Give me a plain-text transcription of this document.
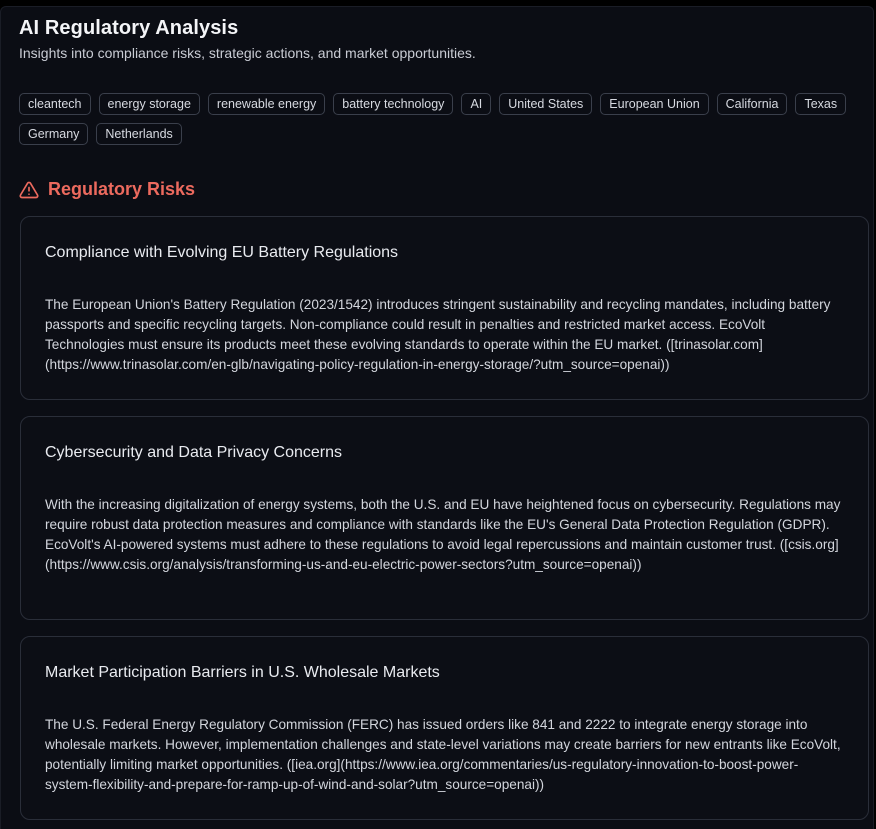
AI Regulatory Analysis

Insights into compliance risks, strategic actions, and market opportunities.

cleantech	energy storage	renewable energy	battery technology	AI	United States	European Union	California	Texas
Germany	Netherlands
Regulatory Risks
Compliance with Evolving EU Battery Regulations

The European Union's Battery Regulation (2023/1542) introduces stringent sustainability and recycling mandates, including battery passports and specific recycling targets. Non-compliance could result in penalties and restricted market access. EcoVolt Technologies must ensure its products meet these evolving standards to operate within the EU market. ([trinasolar.com](https://www.trinasolar.com/en-glb/navigating-policy-regulation-in-energy-storage/?utm_source=openai))

Cybersecurity and Data Privacy Concerns

With the increasing digitalization of energy systems, both the U.S. and EU have heightened focus on cybersecurity. Regulations may require robust data protection measures and compliance with standards like the EU's General Data Protection Regulation (GDPR). EcoVolt's AI-powered systems must adhere to these regulations to avoid legal repercussions and maintain customer trust. ([csis.org](https://www.csis.org/analysis/transforming-us-and-eu-electric-power-sectors?utm_source=openai))

Market Participation Barriers in U.S. Wholesale Markets

The U.S. Federal Energy Regulatory Commission (FERC) has issued orders like 841 and 2222 to integrate energy storage into wholesale markets. However, implementation challenges and state-level variations may create barriers for new entrants like EcoVolt, potentially limiting market opportunities. ([iea.org](https://www.iea.org/commentaries/us-regulatory-innovation-to-boost-power-system-flexibility-and-prepare-for-ramp-up-of-wind-and-solar?utm_source=openai))
